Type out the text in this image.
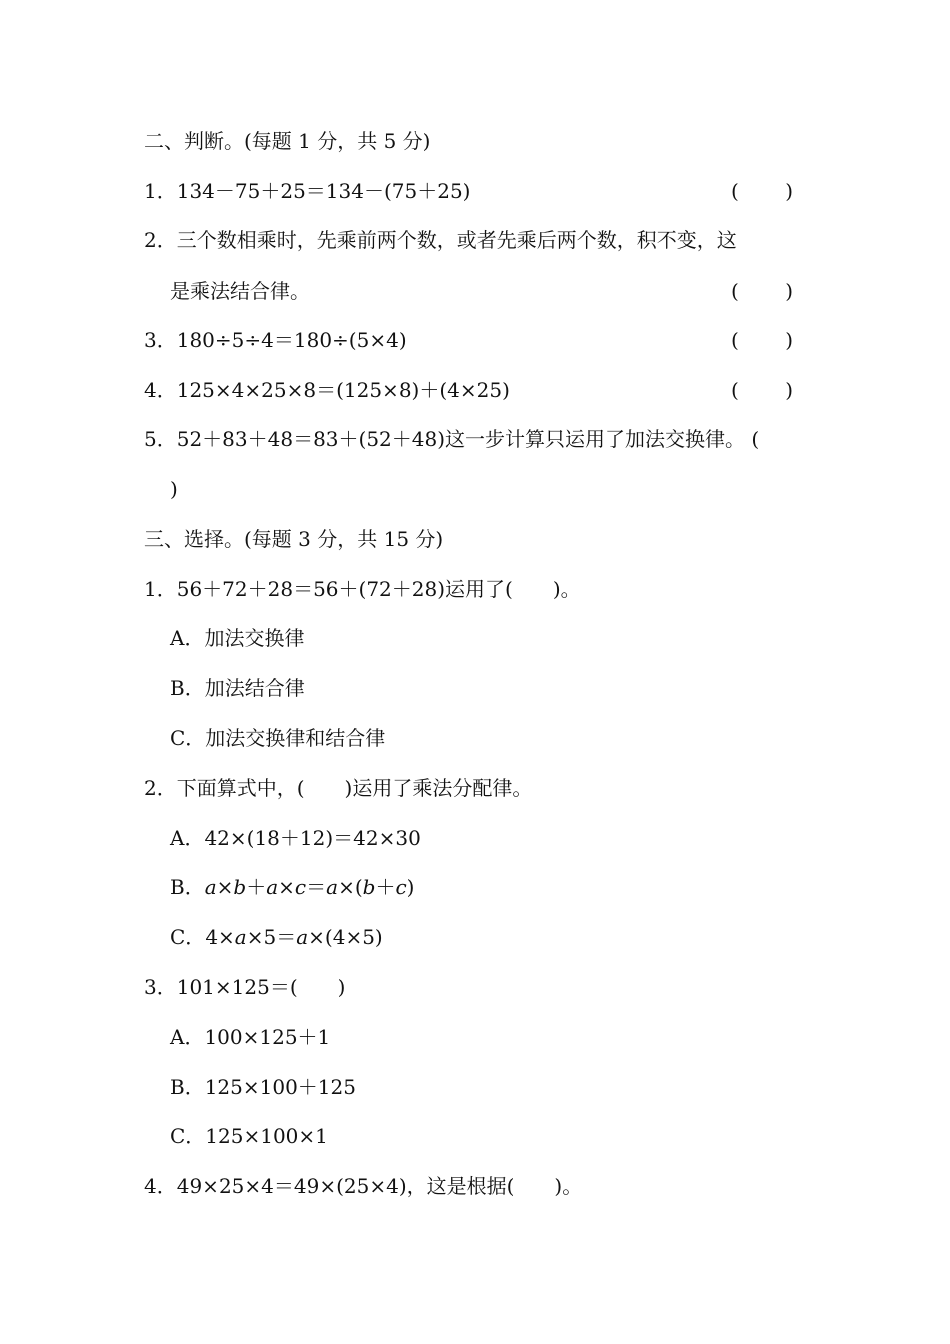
二、判断。(每题 1 分，共 5 分)
1．134－75＋25＝134－(75＋25)	( )
2．三个数相乘时，先乘前两个数，或者先乘后两个数，积不变，这
是乘法结合律。	( )
3．180÷5÷4＝180÷(5×4)	( )
4．125×4×25×8＝(125×8)＋(4×25)	( )
5．52＋83＋48＝83＋(52＋48)这一步计算只运用了加法交换律。 (
)
三、选择。(每题 3 分，共 15 分)
1．56＋72＋28＝56＋(72＋28)运用了(　　)。
A．加法交换律
B．加法结合律
C．加法交换律和结合律
2．下面算式中，(　　)运用了乘法分配律。
A．42×(18＋12)＝42×30
B．a×b＋a×c＝a×(b＋c)
C．4×a×5＝a×(4×5)
3．101×125＝(　　)
A．100×125＋1
B．125×100＋125
C．125×100×1
4．49×25×4＝49×(25×4)，这是根据(　　)。
